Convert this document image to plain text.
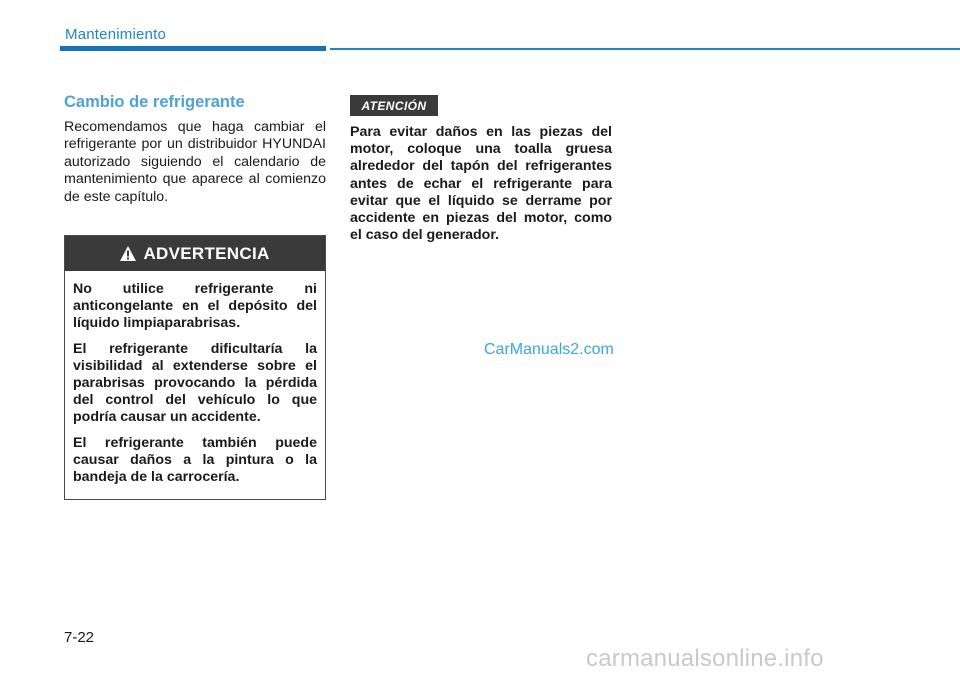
Mantenimiento
Cambio de refrigerante
Recomendamos que haga cambiar el refrigerante por un distribuidor HYUNDAI autorizado siguiendo el calendario de mantenimiento que aparece al comienzo de este capítulo.
ADVERTENCIA

No utilice refrigerante ni anticongelante en el depósito del líquido limpiaparabrisas.

El refrigerante dificultaría la visibilidad al extenderse sobre el parabrisas provocando la pérdida del control del vehículo lo que podría causar un accidente.

El refrigerante también puede causar daños a la pintura o la bandeja de la carrocería.

ATENCIÓN
Para evitar daños en las piezas del motor, coloque una toalla gruesa alrededor del tapón del refrigerantes antes de echar el refrigerante para evitar que el líquido se derrame por accidente en piezas del motor, como el caso del generador.
CarManuals2.com
7-22
carmanualsonline.info
